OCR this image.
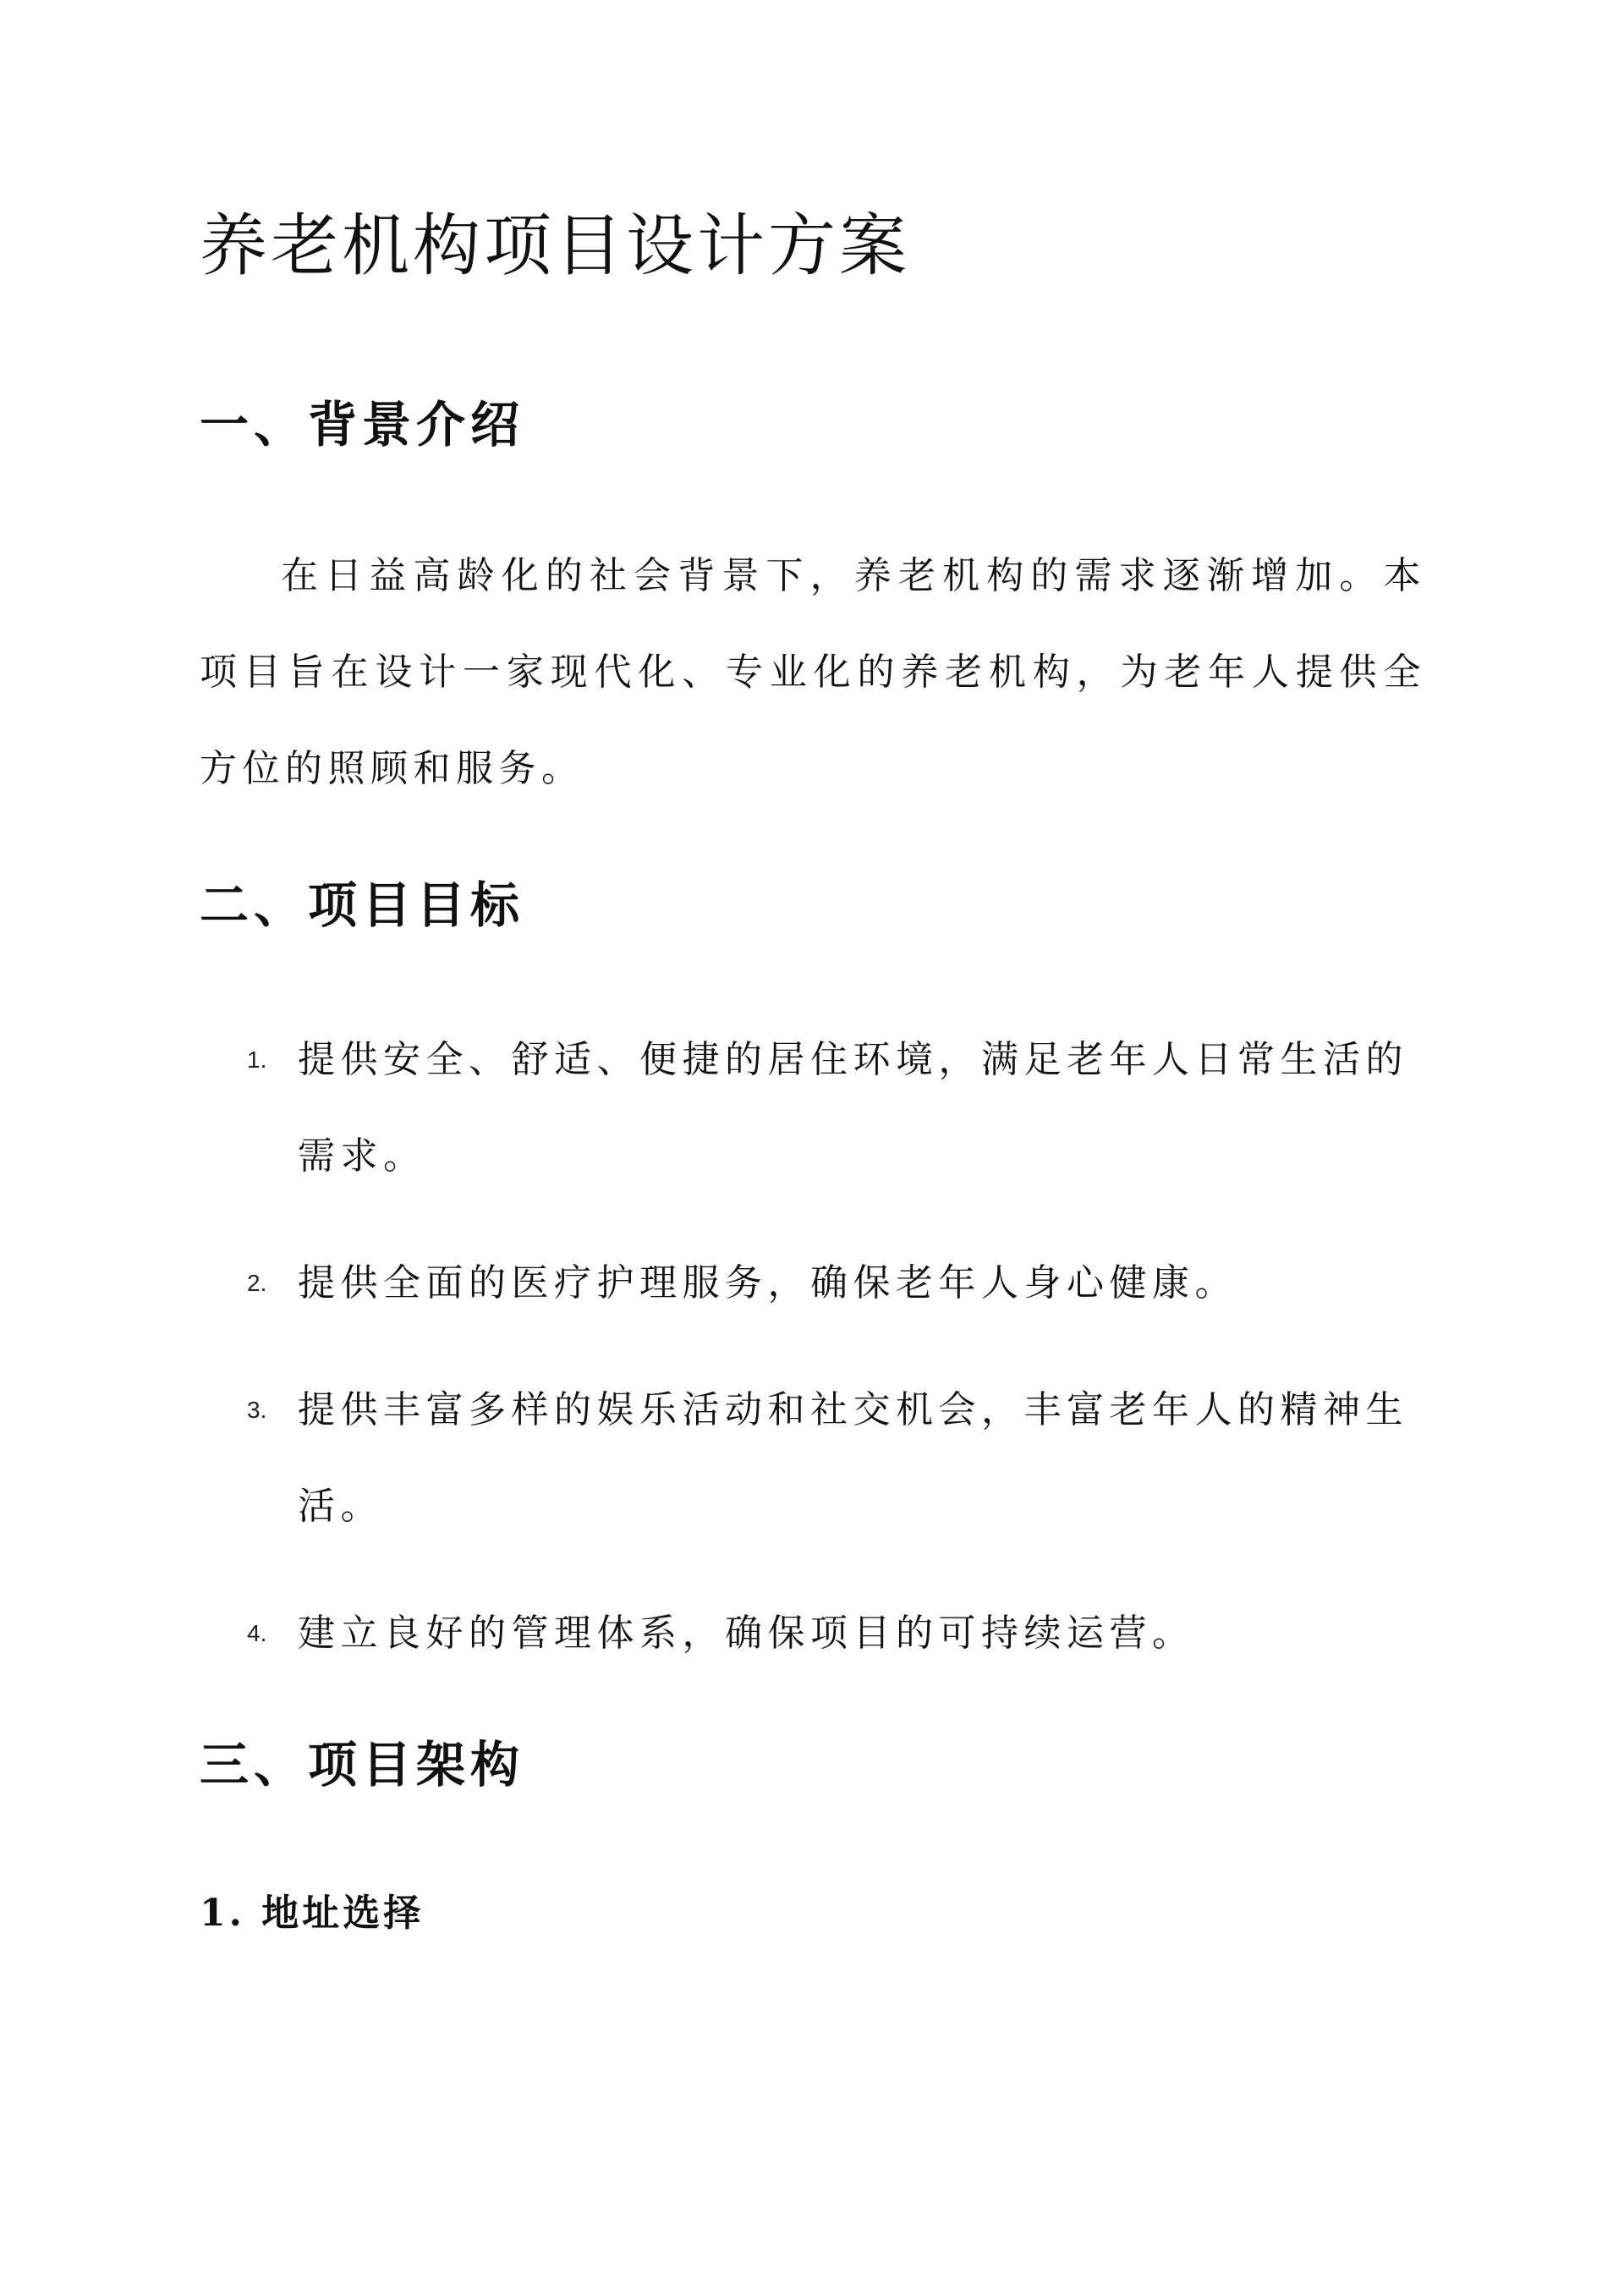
养老机构项目设计方案
一、背景介绍

在日益高龄化的社会背景下，养老机构的需求逐渐增加。本项目旨在设计一家现代化、专业化的养老机构，为老年人提供全方位的照顾和服务。

二、项目目标
1. 提供安全、舒适、便捷的居住环境，满足老年人日常生活的需求。
2. 提供全面的医疗护理服务，确保老年人身心健康。
3. 提供丰富多样的娱乐活动和社交机会，丰富老年人的精神生活。
4. 建立良好的管理体系，确保项目的可持续运营。
三、项目架构
1. 地址选择
